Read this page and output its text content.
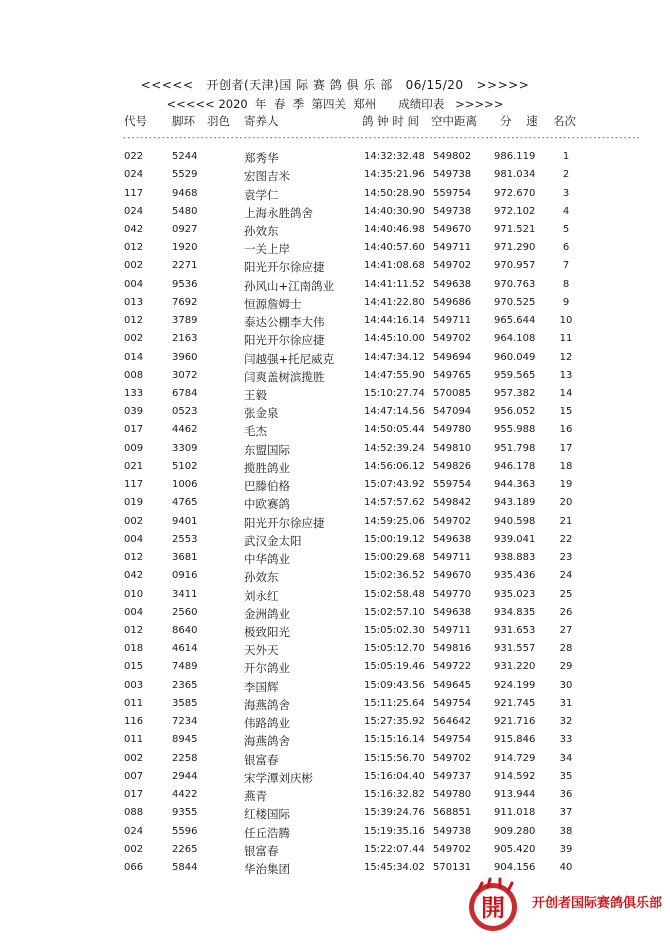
<<<<<   开创者(天津)国 际 赛 鸽 俱 乐 部   06/15/20   >>>>>
<<<<< 2020  年  春  季  第四关  郑州      成绩印表   >>>>>
代号 脚环 羽色 寄养人	鸽 钟 时 间 空中距离 分    速 名次
------------------------------------------------------------------------------------------------------------------------
022	5244	郑秀华	14:32:32.48 549802 986.119	1
024	5529	宏图吉米	14:35:21.96 549738 981.034	2
117	9468	袁学仁	14:50:28.90 559754 972.670	3
024	5480	上海永胜鸽舍	14:40:30.90 549738 972.102	4
042	0927	孙效东	14:40:46.98 549670 971.521	5
012	1920	一关上岸	14:40:57.60 549711 971.290	6
002	2271	阳光开尔徐应捷	14:41:08.68 549702 970.957	7
004	9536	孙风山+江南鸽业	14:41:11.52 549638 970.763	8
013	7692	恒源詹姆士	14:41:22.80 549686 970.525	9
012	3789	泰达公棚李大伟	14:44:16.14 549711 965.644	10
002	2163	阳光开尔徐应捷	14:45:10.00 549702 964.108	11
014	3960	闫越强+托尼威克	14:47:34.12 549694 960.049	12
008	3072	闫爽盖树滨揽胜	14:47:55.90 549765 959.565	13
133	6784	王毅	15:10:27.74 570085 957.382	14
039	0523	张金泉	14:47:14.56 547094 956.052	15
017	4462	毛杰	14:50:05.44 549780 955.988	16
009	3309	东盟国际	14:52:39.24 549810 951.798	17
021	5102	揽胜鸽业	14:56:06.12 549826 946.178	18
117	1006	巴滕伯格	15:07:43.92 559754 944.363	19
019	4765	中欧赛鸽	14:57:57.62 549842 943.189	20
002	9401	阳光开尔徐应捷	14:59:25.06 549702 940.598	21
004	2553	武汉金太阳	15:00:19.12 549638 939.041	22
012	3681	中华鸽业	15:00:29.68 549711 938.883	23
042	0916	孙效东	15:02:36.52 549670 935.436	24
010	3411	刘永红	15:02:58.48 549770 935.023	25
004	2560	金洲鸽业	15:02:57.10 549638 934.835	26
012	8640	极致阳光	15:05:02.30 549711 931.653	27
018	4614	天外天	15:05:12.70 549816 931.557	28
015	7489	开尔鸽业	15:05:19.46 549722 931.220	29
003	2365	李国辉	15:09:43.56 549645 924.199	30
011	3585	海燕鸽舍	15:11:25.64 549754 921.745	31
116	7234	伟路鸽业	15:27:35.92 564642 921.716	32
011	8945	海燕鸽舍	15:15:16.14 549754 915.846	33
002	2258	银富春	15:15:56.70 549702 914.729	34
007	2944	宋学潭刘庆彬	15:16:04.40 549737 914.592	35
017	4422	燕青	15:16:32.82 549780 913.944	36
088	9355	红楼国际	15:39:24.76 568851 911.018	37
024	5596	任丘浩腾	15:19:35.16 549738 909.280	38
002	2265	银富春	15:22:07.44 549702 905.420	39
066	5844	华治集团	15:45:34.02 570131 904.156	40
開 开创者国际赛鸽俱乐部
